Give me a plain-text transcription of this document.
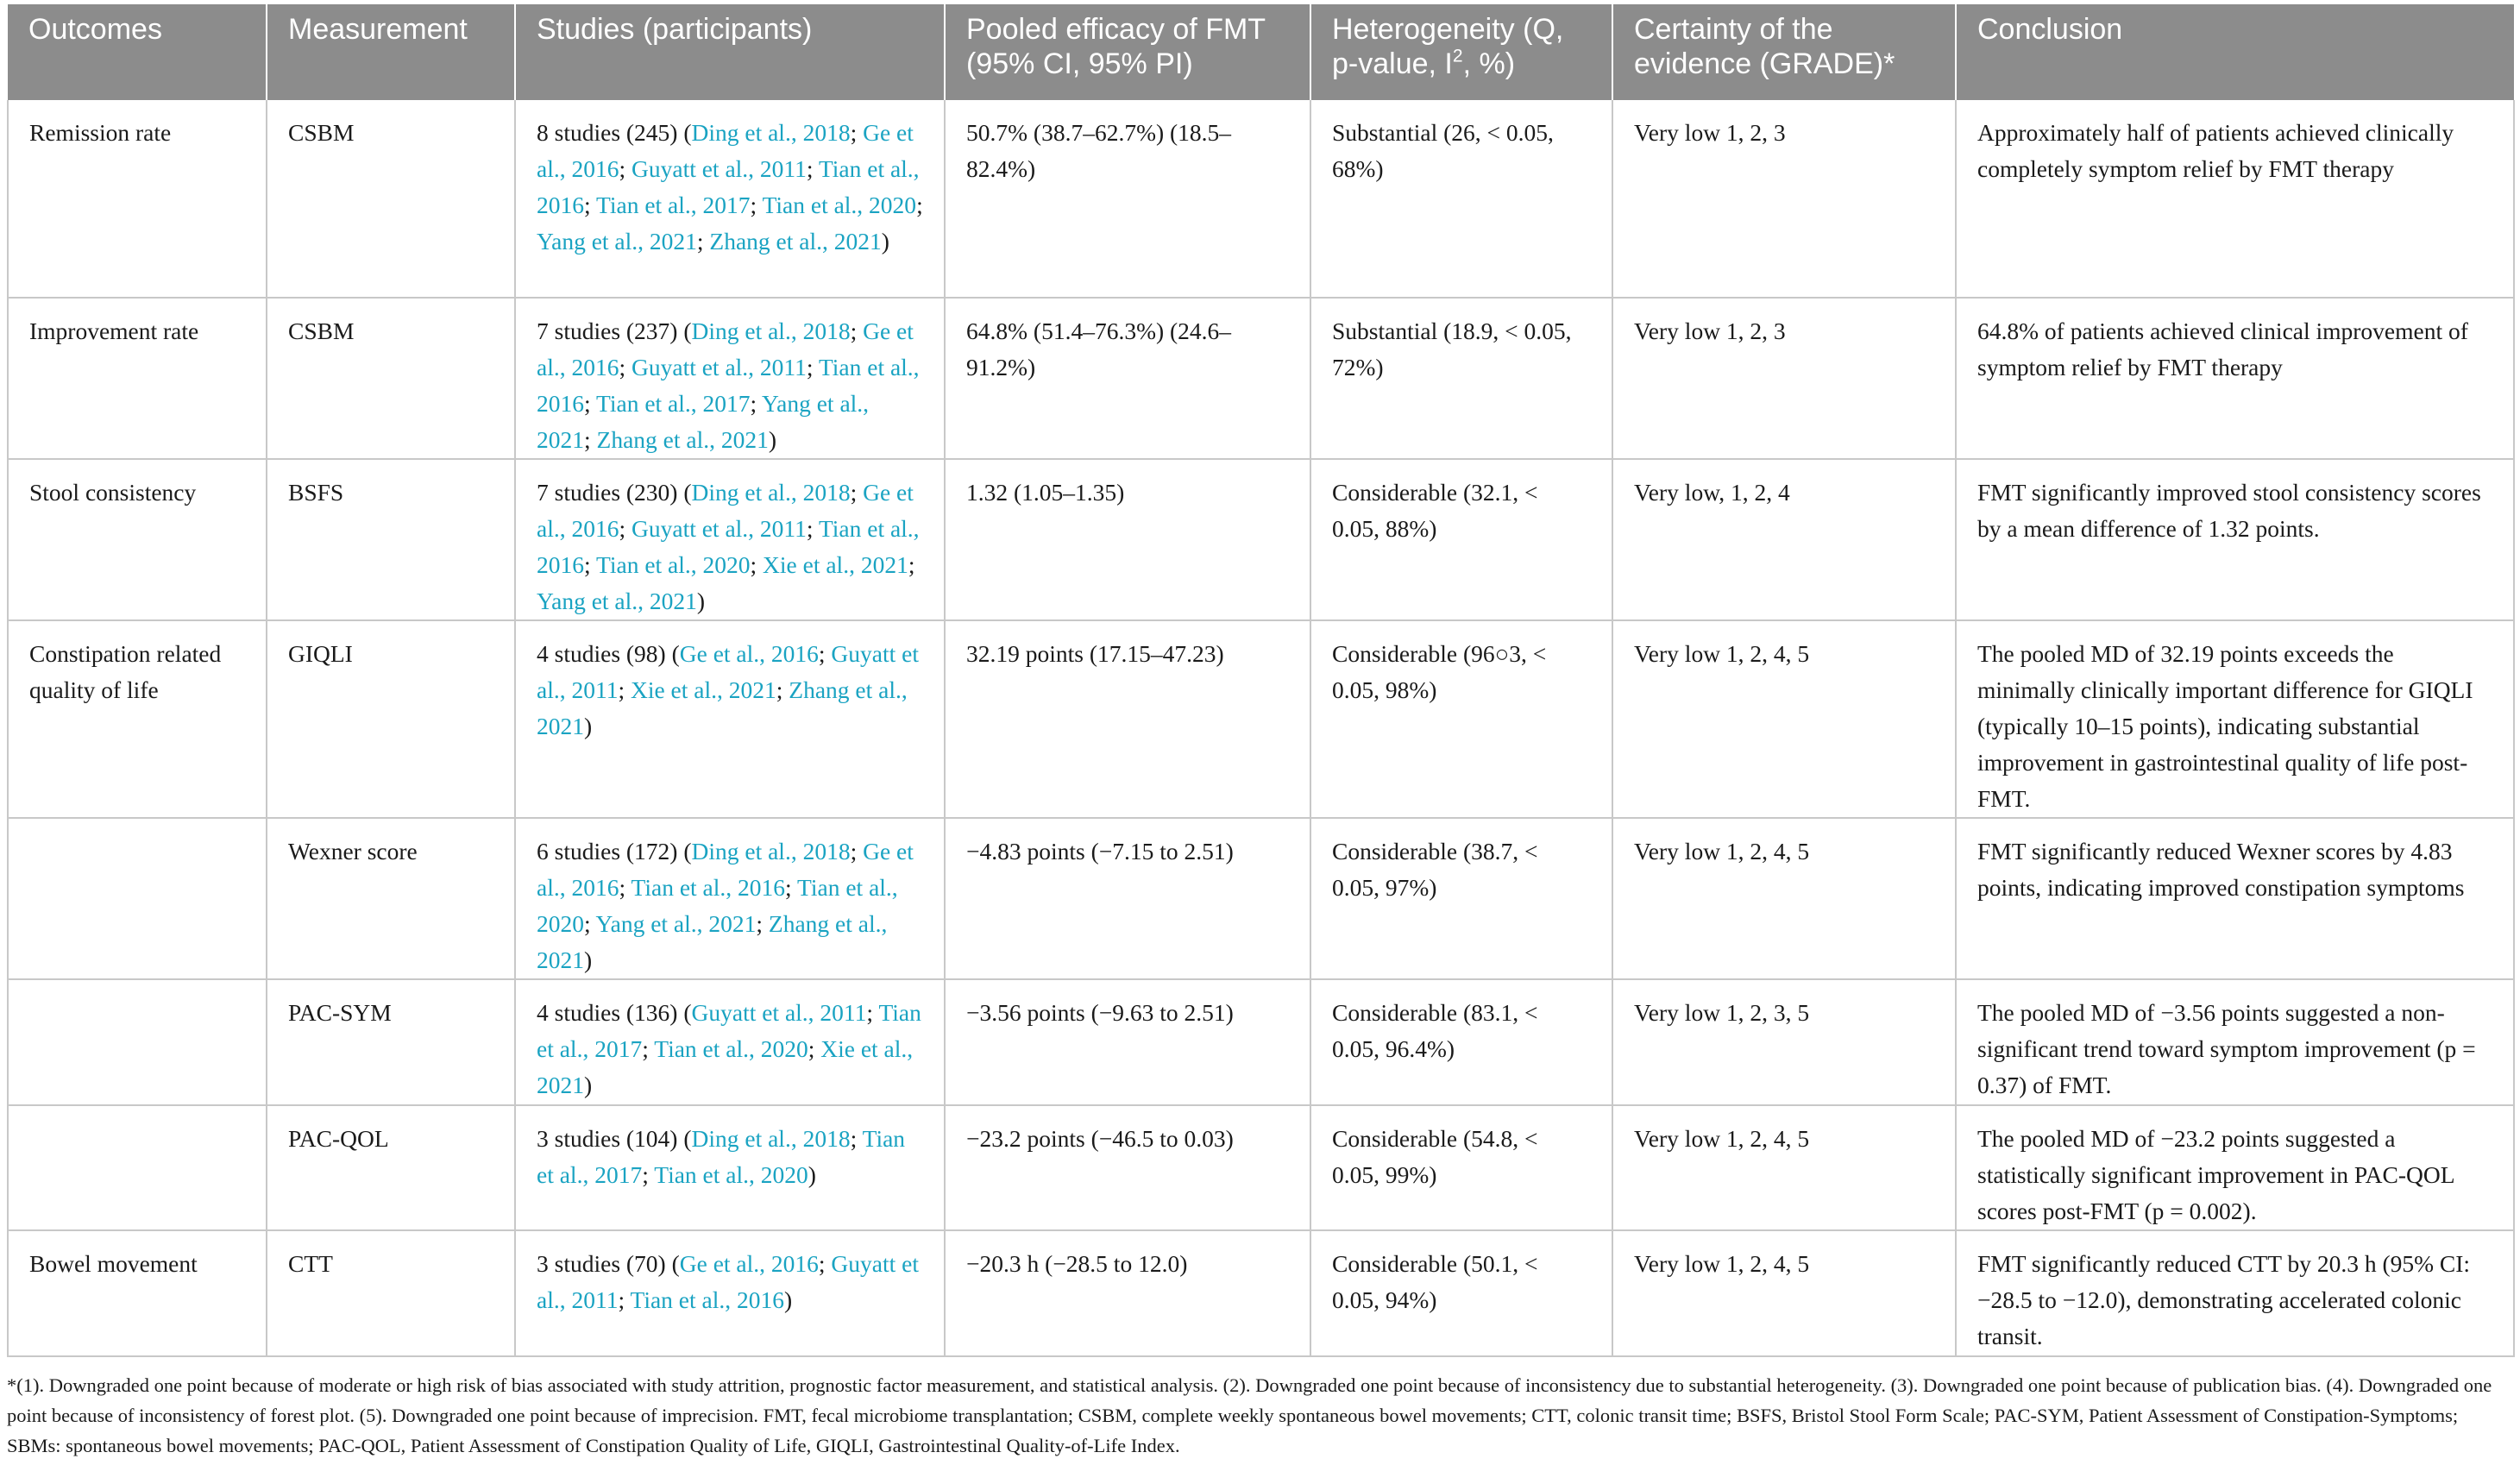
Outcomes	Measurement	Studies (participants)	Pooled efficacy of FMT (95% CI, 95% PI)	Heterogeneity (Q, p-value, $I^2$, %)	Certainty of the evidence (GRADE)*	Conclusion
Remission rate	CSBM	8 studies (245) (Ding et al., 2018; Ge et al., 2016; Guyatt et al., 2011; Tian et al., 2016; Tian et al., 2017; Tian et al., 2020; Yang et al., 2021; Zhang et al., 2021)	50.7% (38.7–62.7%) (18.5–82.4%)	Substantial (26, < 0.05, 68%)	Very low 1, 2, 3	Approximately half of patients achieved clinically completely symptom relief by FMT therapy
Improvement rate	CSBM	7 studies (237) (Ding et al., 2018; Ge et al., 2016; Guyatt et al., 2011; Tian et al., 2016; Tian et al., 2017; Yang et al., 2021; Zhang et al., 2021)	64.8% (51.4–76.3%) (24.6–91.2%)	Substantial (18.9, < 0.05, 72%)	Very low 1, 2, 3	64.8% of patients achieved clinical improvement of symptom relief by FMT therapy
Stool consistency	BSFS	7 studies (230) (Ding et al., 2018; Ge et al., 2016; Guyatt et al., 2011; Tian et al., 2016; Tian et al., 2020; Xie et al., 2021; Yang et al., 2021)	1.32 (1.05–1.35)	Considerable (32.1, < 0.05, 88%)	Very low, 1, 2, 4	FMT significantly improved stool consistency scores by a mean difference of 1.32 points.
Constipation related quality of life	GIQLI	4 studies (98) (Ge et al., 2016; Guyatt et al., 2011; Xie et al., 2021; Zhang et al., 2021)	32.19 points (17.15–47.23)	Considerable (96○3, < 0.05, 98%)	Very low 1, 2, 4, 5	The pooled MD of 32.19 points exceeds the minimally clinically important difference for GIQLI (typically 10–15 points), indicating substantial improvement in gastrointestinal quality of life post-FMT.
	Wexner score	6 studies (172) (Ding et al., 2018; Ge et al., 2016; Tian et al., 2016; Tian et al., 2020; Yang et al., 2021; Zhang et al., 2021)	−4.83 points (−7.15 to 2.51)	Considerable (38.7, < 0.05, 97%)	Very low 1, 2, 4, 5	FMT significantly reduced Wexner scores by 4.83 points, indicating improved constipation symptoms
	PAC-SYM	4 studies (136) (Guyatt et al., 2011; Tian et al., 2017; Tian et al., 2020; Xie et al., 2021)	−3.56 points (−9.63 to 2.51)	Considerable (83.1, < 0.05, 96.4%)	Very low 1, 2, 3, 5	The pooled MD of −3.56 points suggested a non-significant trend toward symptom improvement (p = 0.37) of FMT.
	PAC-QOL	3 studies (104) (Ding et al., 2018; Tian et al., 2017; Tian et al., 2020)	−23.2 points (−46.5 to 0.03)	Considerable (54.8, < 0.05, 99%)	Very low 1, 2, 4, 5	The pooled MD of −23.2 points suggested a statistically significant improvement in PAC-QOL scores post-FMT (p = 0.002).
Bowel movement	CTT	3 studies (70) (Ge et al., 2016; Guyatt et al., 2011; Tian et al., 2016)	−20.3 h (−28.5 to 12.0)	Considerable (50.1, < 0.05, 94%)	Very low 1, 2, 4, 5	FMT significantly reduced CTT by 20.3 h (95% CI: −28.5 to −12.0), demonstrating accelerated colonic transit.
*(1). Downgraded one point because of moderate or high risk of bias associated with study attrition, prognostic factor measurement, and statistical analysis. (2). Downgraded one point because of inconsistency due to substantial heterogeneity. (3). Downgraded one point because of publication bias. (4). Downgraded one point because of inconsistency of forest plot. (5). Downgraded one point because of imprecision. FMT, fecal microbiome transplantation; CSBM, complete weekly spontaneous bowel movements; CTT, colonic transit time; BSFS, Bristol Stool Form Scale; PAC-SYM, Patient Assessment of Constipation-Symptoms; SBMs: spontaneous bowel movements; PAC-QOL, Patient Assessment of Constipation Quality of Life, GIQLI, Gastrointestinal Quality-of-Life Index.
